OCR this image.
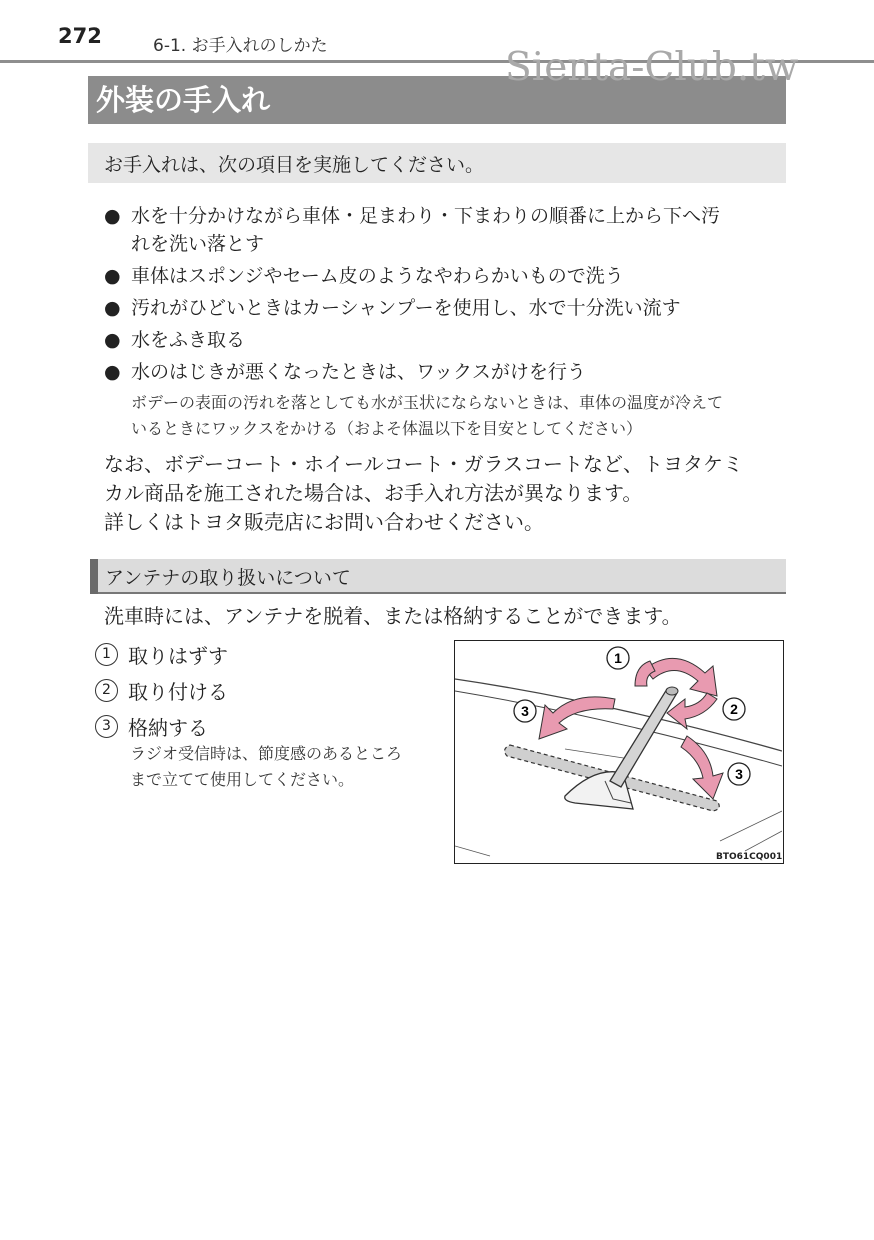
272	6-1. お手入れのしかた
外装の手入れ
Sienta-Club.tw
お手入れは、次の項目を実施してください。
● 水を十分かけながら車体・足まわり・下まわりの順番に上から下へ汚
れを洗い落とす
● 車体はスポンジやセーム皮のようなやわらかいもので洗う
● 汚れがひどいときはカーシャンプーを使用し、水で十分洗い流す
● 水をふき取る
● 水のはじきが悪くなったときは、ワックスがけを行う
ボデーの表面の汚れを落としても水が玉状にならないときは、車体の温度が冷えて
いるときにワックスをかける（およそ体温以下を目安としてください）
なお、ボデーコート・ホイールコート・ガラスコートなど、トヨタケミ
カル商品を施工された場合は、お手入れ方法が異なります。
詳しくはトヨタ販売店にお問い合わせください。
アンテナの取り扱いについて
洗車時には、アンテナを脱着、または格納することができます。
1 取りはずす
2 取り付ける
3 格納する
ラジオ受信時は、節度感のあるところ
まで立てて使用してください。
1
2
3
3
BTO61CQ001
